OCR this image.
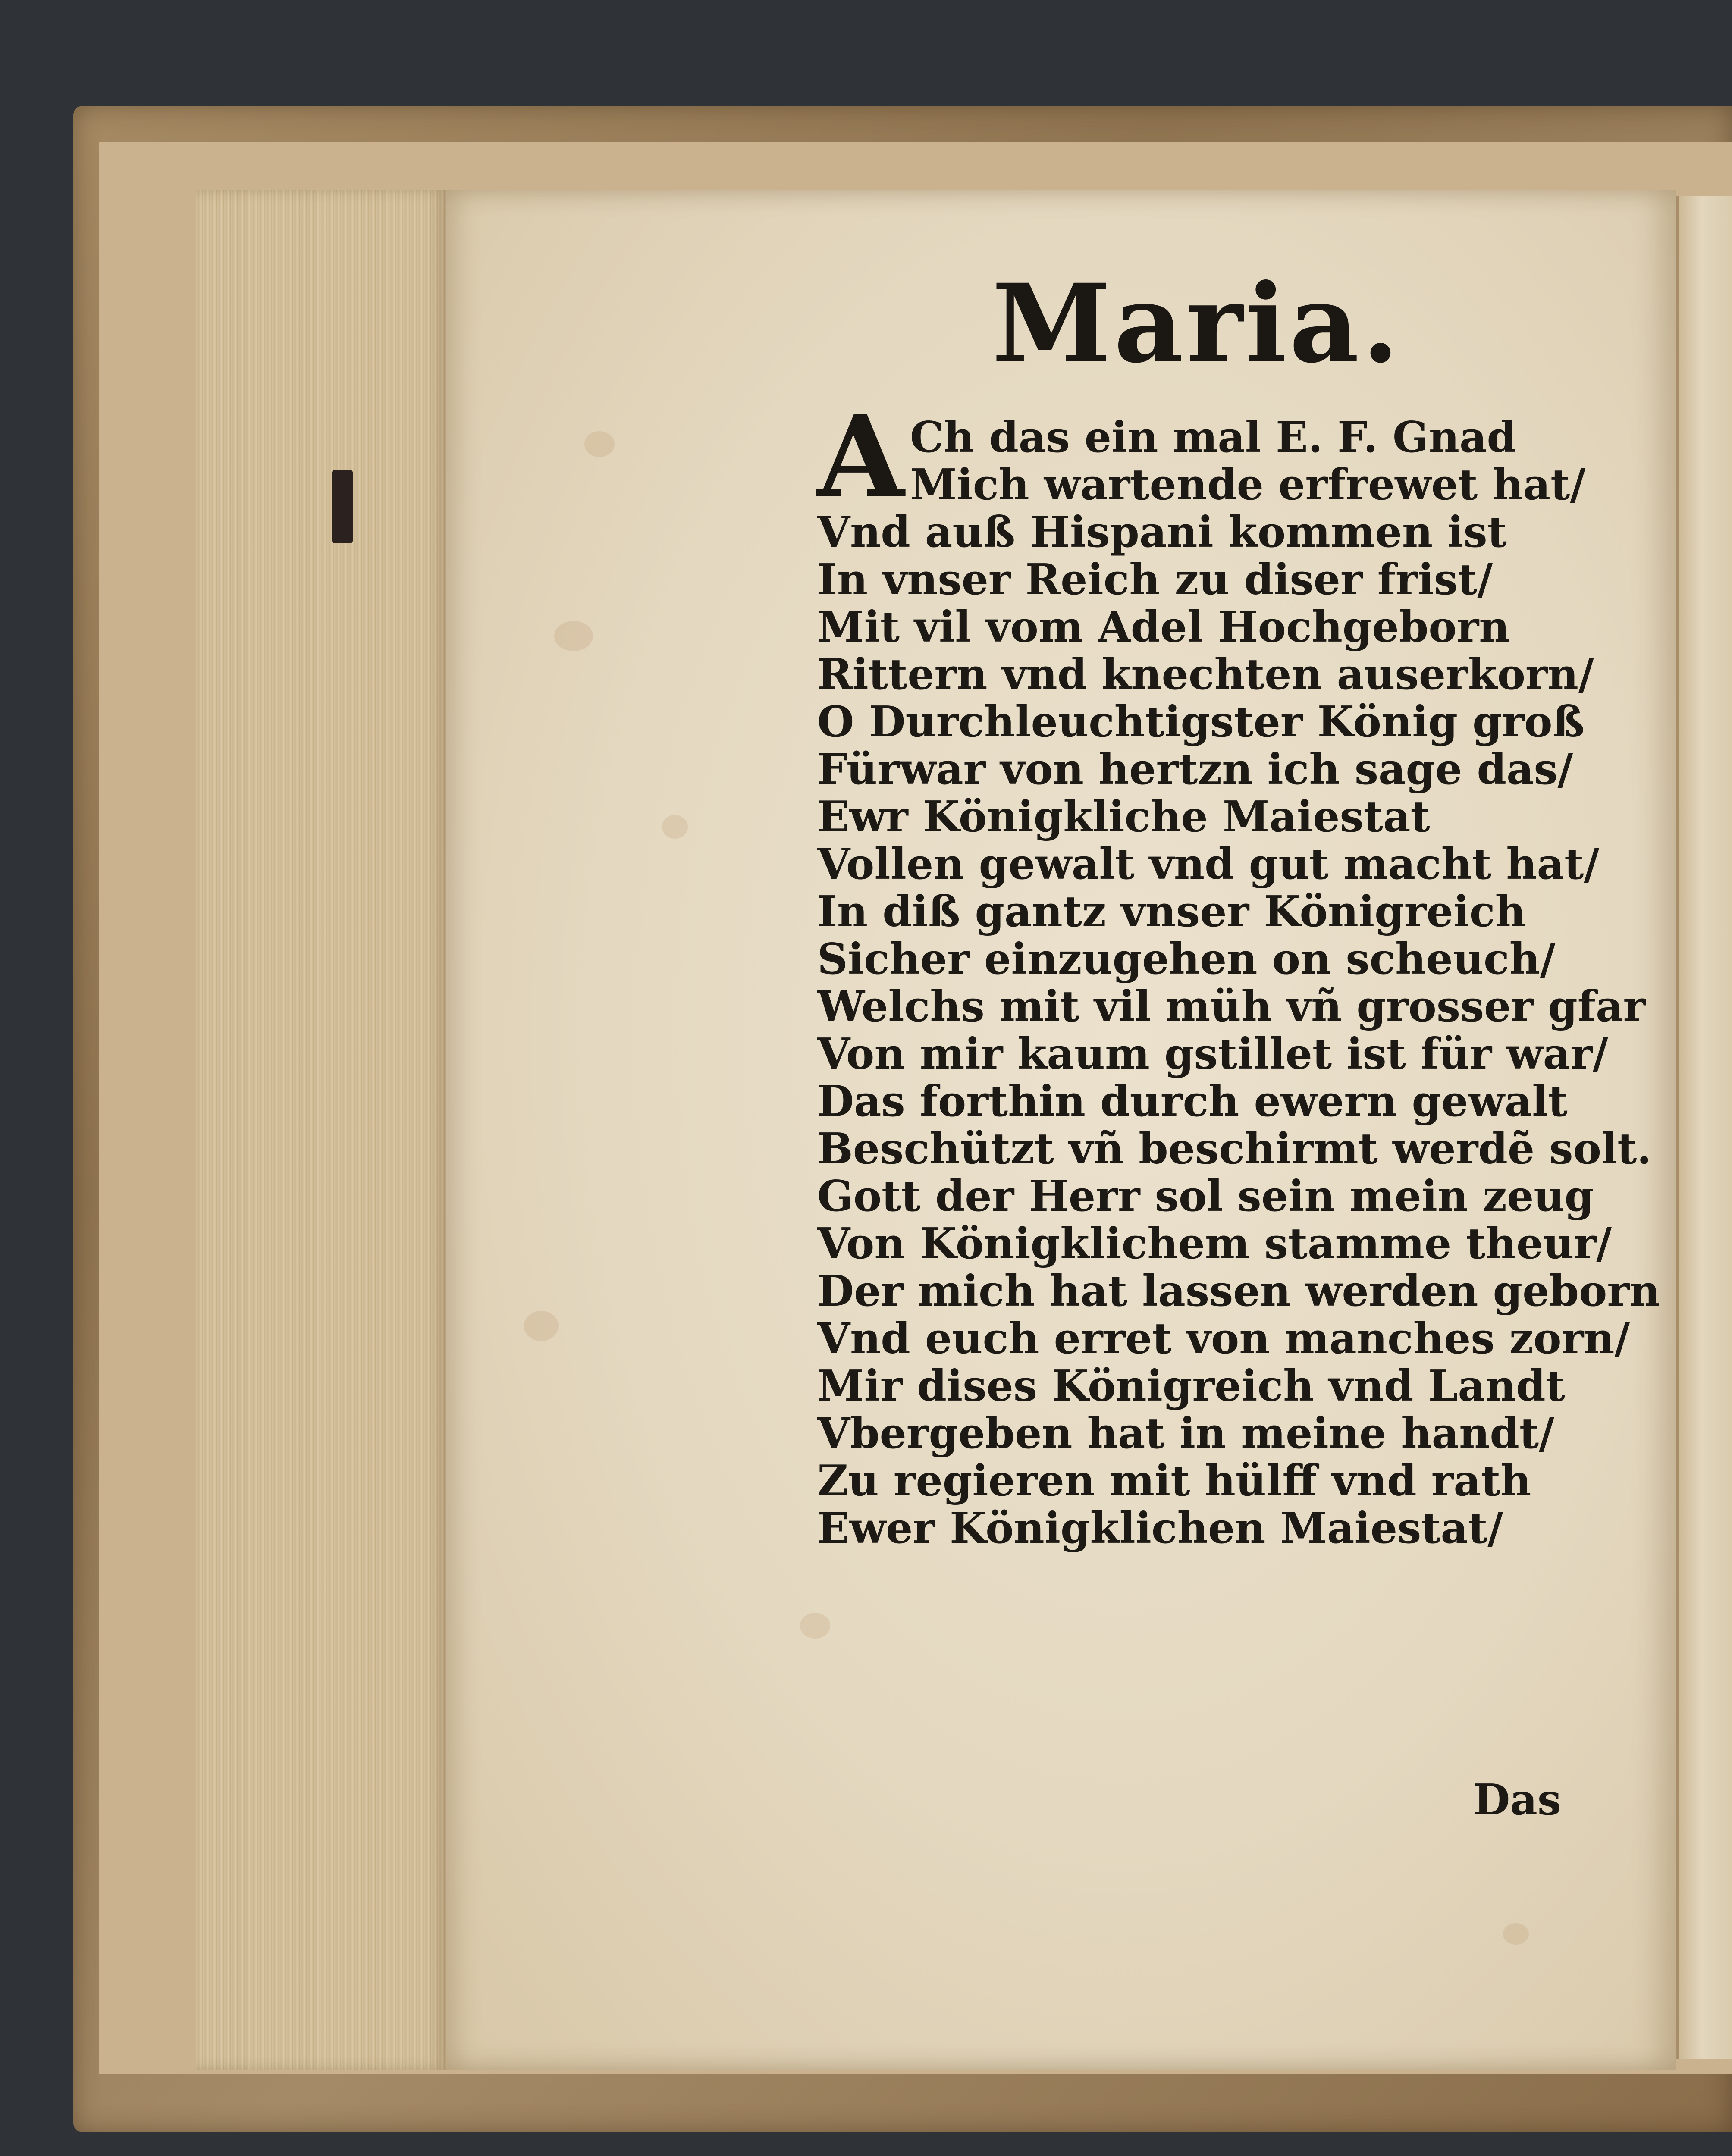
Maria.
A Ch das ein mal E. F. Gnad
Mich wartende erfrewet hat/
Vnd auß Hispani kommen ist
In vnser Reich zu diser frist/
Mit vil vom Adel Hochgeborn
Rittern vnd knechten auserkorn/
O Durchleuchtigster König groß
Fürwar von hertzn ich sage das/
Ewr Königkliche Maiestat
Vollen gewalt vnd gut macht hat/
In diß gantz vnser Königreich
Sicher einzugehen on scheuch/
Welchs mit vil müh vñ grosser gfar
Von mir kaum gstillet ist für war/
Das forthin durch ewern gewalt
Beschützt vñ beschirmt werdẽ solt.
Gott der Herr sol sein mein zeug
Von Königklichem stamme theur/
Der mich hat lassen werden geborn
Vnd euch erret von manches zorn/
Mir dises Königreich vnd Landt
Vbergeben hat in meine handt/
Zu regieren mit hülff vnd rath
Ewer Königklichen Maiestat/
Das
